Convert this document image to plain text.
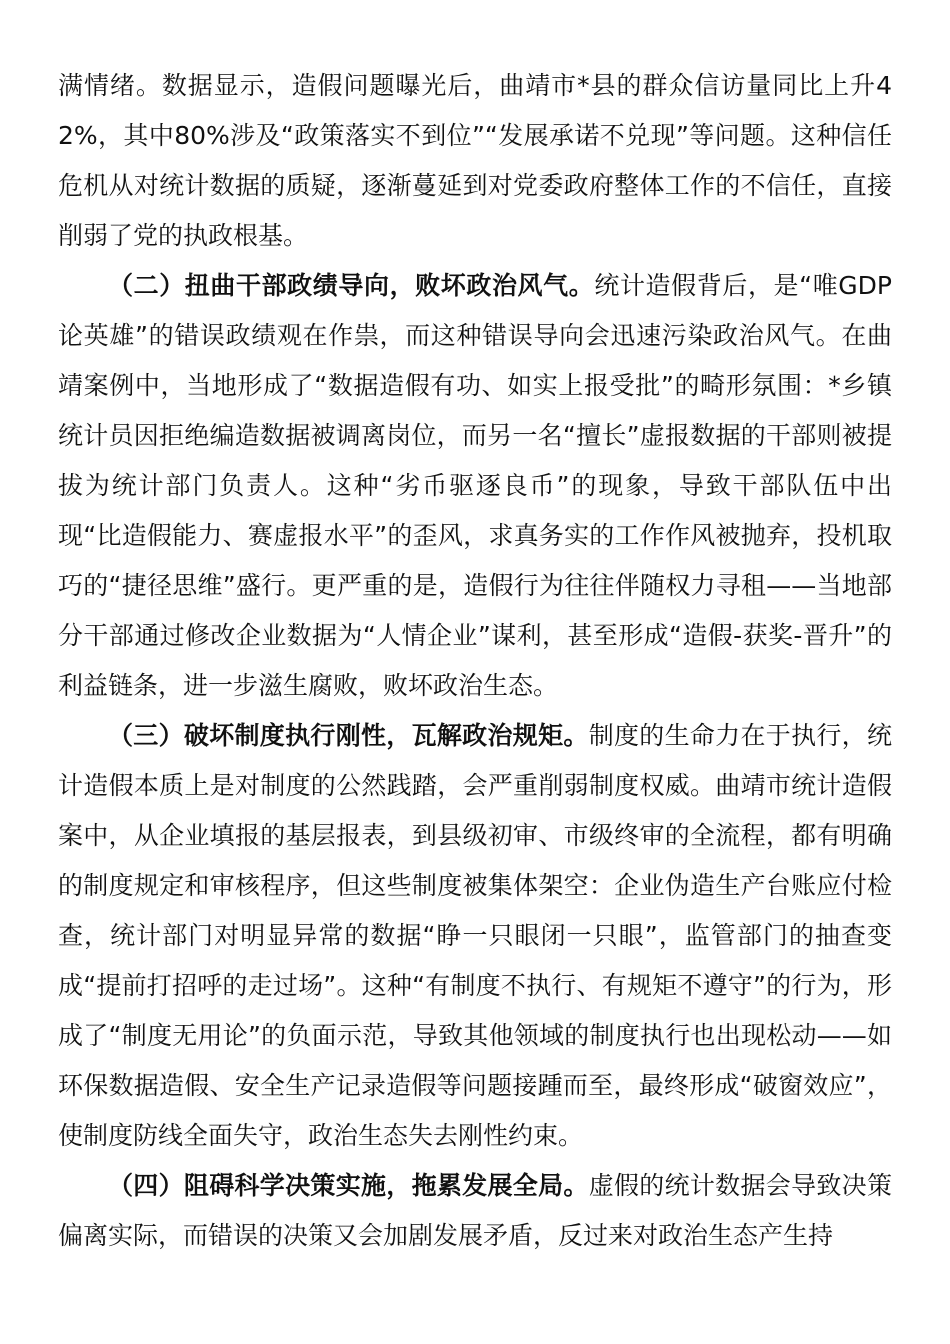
满情绪。数据显示，造假问题曝光后，曲靖市*县的群众信访量同比上升42%，其中80%涉及“政策落实不到位”“发展承诺不兑现”等问题。这种信任危机从对统计数据的质疑，逐渐蔓延到对党委政府整体工作的不信任，直接削弱了党的执政根基。

（二）扭曲干部政绩导向，败坏政治风气。统计造假背后，是“唯GDP论英雄”的错误政绩观在作祟，而这种错误导向会迅速污染政治风气。在曲靖案例中，当地形成了“数据造假有功、如实上报受批”的畸形氛围：*乡镇统计员因拒绝编造数据被调离岗位，而另一名“擅长”虚报数据的干部则被提拔为统计部门负责人。这种“劣币驱逐良币”的现象，导致干部队伍中出现“比造假能力、赛虚报水平”的歪风，求真务实的工作作风被抛弃，投机取巧的“捷径思维”盛行。更严重的是，造假行为往往伴随权力寻租——当地部分干部通过修改企业数据为“人情企业”谋利，甚至形成“造假-获奖-晋升”的利益链条，进一步滋生腐败，败坏政治生态。

（三）破坏制度执行刚性，瓦解政治规矩。制度的生命力在于执行，统计造假本质上是对制度的公然践踏，会严重削弱制度权威。曲靖市统计造假案中，从企业填报的基层报表，到县级初审、市级终审的全流程，都有明确的制度规定和审核程序，但这些制度被集体架空：企业伪造生产台账应付检查，统计部门对明显异常的数据“睁一只眼闭一只眼”，监管部门的抽查变成“提前打招呼的走过场”。这种“有制度不执行、有规矩不遵守”的行为，形成了“制度无用论”的负面示范，导致其他领域的制度执行也出现松动——如环保数据造假、安全生产记录造假等问题接踵而至，最终形成“破窗效应”，使制度防线全面失守，政治生态失去刚性约束。

（四）阻碍科学决策实施，拖累发展全局。虚假的统计数据会导致决策偏离实际，而错误的决策又会加剧发展矛盾，反过来对政治生态产生持
